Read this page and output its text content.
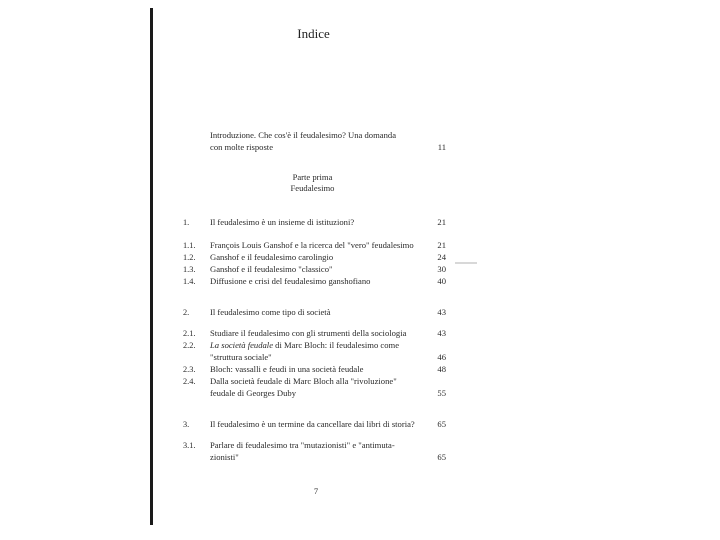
Indice
Introduzione. Che cos'è il feudalesimo? Una domanda
con molte risposte	11
Parte prima
Feudalesimo
1. Il feudalesimo è un insieme di istituzioni?	21
1.1. François Louis Ganshof e la ricerca del "vero" feudalesimo	21
1.2. Ganshof e il feudalesimo carolingio	24
1.3. Ganshof e il feudalesimo "classico"	30
1.4. Diffusione e crisi del feudalesimo ganshofiano	40
2. Il feudalesimo come tipo di società	43
2.1. Studiare il feudalesimo con gli strumenti della sociologia	43
2.2. La società feudale di Marc Bloch: il feudalesimo come
"struttura sociale"	46
2.3. Bloch: vassalli e feudi in una società feudale	48
2.4. Dalla società feudale di Marc Bloch alla "rivoluzione"
feudale di Georges Duby	55
3. Il feudalesimo è un termine da cancellare dai libri di storia?	65
3.1. Parlare di feudalesimo tra "mutazionisti" e "antimuta-
zionisti"	65
7
